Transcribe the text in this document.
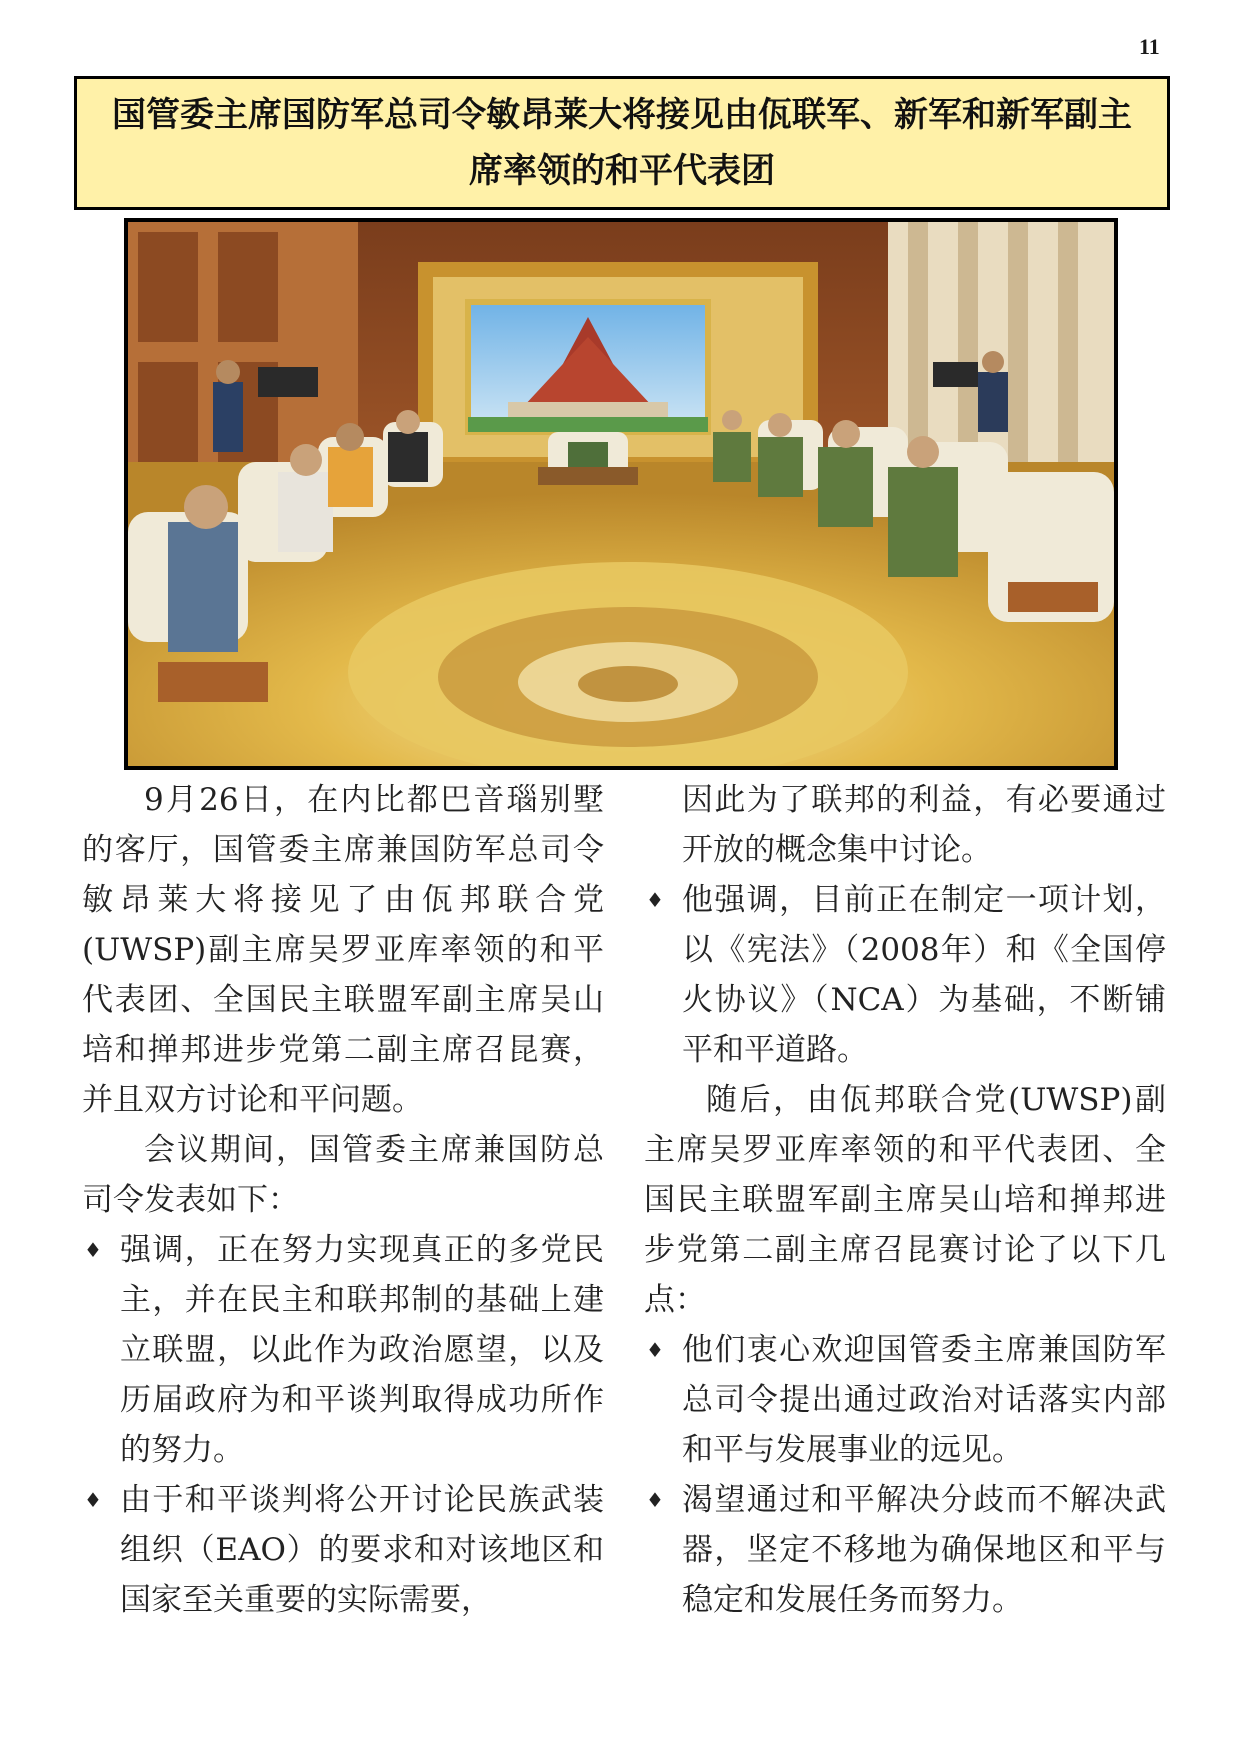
11
国管委主席国防军总司令敏昂莱大将接见由佤联军、新军和新军副主席率领的和平代表团

9月26日，在内比都巴音瑙别墅的客厅，国管委主席兼国防军总司令敏昂莱大将接见了由佤邦联合党(UWSP)副主席吴罗亚库率领的和平代表团、全国民主联盟军副主席吴山培和掸邦进步党第二副主席召昆赛，并且双方讨论和平问题。

会议期间，国管委主席兼国防总司令发表如下：

♦ 强调，正在努力实现真正的多党民主，并在民主和联邦制的基础上建立联盟，以此作为政治愿望，以及历届政府为和平谈判取得成功所作的努力。
♦ 由于和平谈判将公开讨论民族武装组织（EAO）的要求和对该地区和国家至关重要的实际需要，
因此为了联邦的利益，有必要通过开放的概念集中讨论。
♦ 他强调，目前正在制定一项计划，以《宪法》（2008年）和《全国停火协议》（NCA）为基础，不断铺平和平道路。

随后，由佤邦联合党(UWSP)副主席吴罗亚库率领的和平代表团、全国民主联盟军副主席吴山培和掸邦进步党第二副主席召昆赛讨论了以下几点：

♦ 他们衷心欢迎国管委主席兼国防军总司令提出通过政治对话落实内部和平与发展事业的远见。
♦ 渴望通过和平解决分歧而不解决武器，坚定不移地为确保地区和平与稳定和发展任务而努力。
